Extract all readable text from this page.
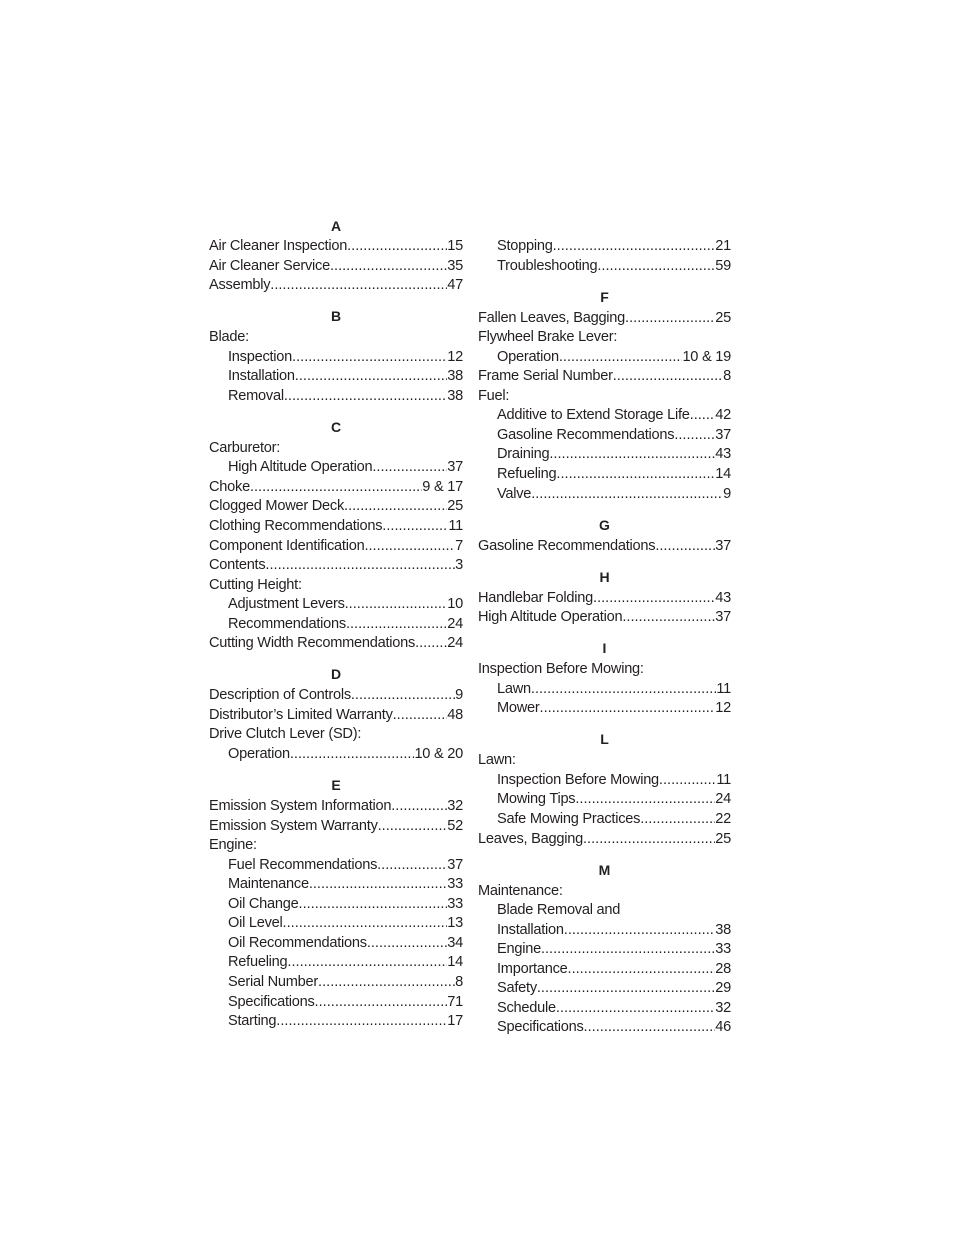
A
Air Cleaner Inspection .....	15
Air Cleaner Service .....	35
Assembly .....	47
B
Blade:
Inspection .....	12
Installation .....	38
Removal .....	38
C
Carburetor:
High Altitude Operation .....	37
Choke .....	9 & 17
Clogged Mower Deck .....	25
Clothing Recommendations .....	11
Component Identification .....	7
Contents .....	3
Cutting Height:
Adjustment Levers .....	10
Recommendations .....	24
Cutting Width Recommendations ..... 24
D
Description of Controls .....	9
Distributor’s Limited Warranty .....	48
Drive Clutch Lever (SD):
Operation .....	10 & 20
E
Emission System Information .....	32
Emission System Warranty .....	52
Engine:
Fuel Recommendations .....	37
Maintenance .....	33
Oil Change .....	33
Oil Level .....	13
Oil Recommendations .....	34
Refueling .....	14
Serial Number .....	8
Specifications .....	71
Starting .....	17
Stopping .....	21
Troubleshooting .....	59
F
Fallen Leaves, Bagging .....	25
Flywheel Brake Lever:
Operation .....	10 & 19
Frame Serial Number .....	8
Fuel:
Additive to Extend Storage Life ..... 42
Gasoline Recommendations .....	37
Draining .....	43
Refueling .....	14
Valve .....	9
G
Gasoline Recommendations .....	37
H
Handlebar Folding .....	43
High Altitude Operation .....	37
I
Inspection Before Mowing:
Lawn .....	11
Mower .....	12
L
Lawn:
Inspection Before Mowing .....	11
Mowing Tips .....	24
Safe Mowing Practices .....	22
Leaves, Bagging .....	25
M
Maintenance:
Blade Removal and
Installation .....	38
Engine .....	33
Importance .....	28
Safety .....	29
Schedule .....	32
Specifications .....	46
